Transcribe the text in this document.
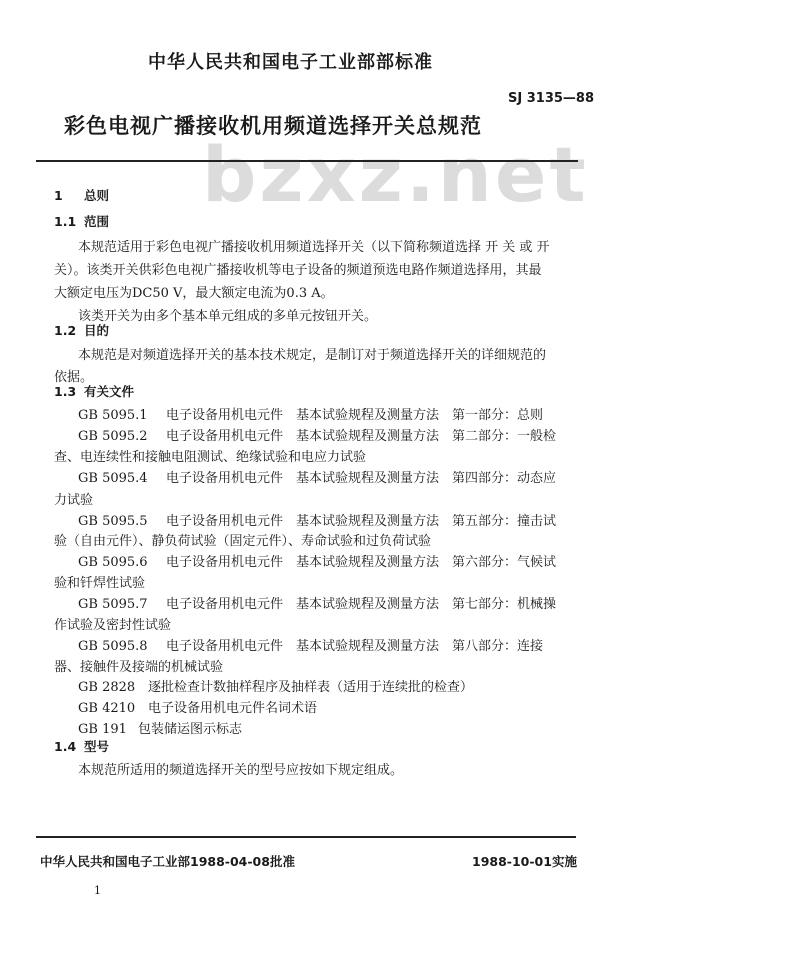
中华人民共和国电子工业部部标准
SJ 3135—88
彩色电视广播接收机用频道选择开关总规范
bzxz.net
1 总则
1.1 范围
本规范适用于彩色电视广播接收机用频道选择开关（以下简称频道选择 开 关 或 开
关）。该类开关供彩色电视广播接收机等电子设备的频道预选电路作频道选择用，其最
大额定电压为DC50 V，最大额定电流为0.3 A。
该类开关为由多个基本单元组成的多单元按钮开关。
1.2 目的
本规范是对频道选择开关的基本技术规定，是制订对于频道选择开关的详细规范的
依据。
1.3 有关文件
GB 5095.1 电子设备用机电元件　基本试验规程及测量方法　第一部分：总则
GB 5095.2 电子设备用机电元件　基本试验规程及测量方法　第二部分：一般检
查、电连续性和接触电阻测试、绝缘试验和电应力试验
GB 5095.4 电子设备用机电元件　基本试验规程及测量方法　第四部分：动态应
力试验
GB 5095.5 电子设备用机电元件　基本试验规程及测量方法　第五部分：撞击试
验（自由元件）、静负荷试验（固定元件）、寿命试验和过负荷试验
GB 5095.6 电子设备用机电元件　基本试验规程及测量方法　第六部分：气候试
验和钎焊性试验
GB 5095.7 电子设备用机电元件　基本试验规程及测量方法　第七部分：机械操
作试验及密封性试验
GB 5095.8 电子设备用机电元件　基本试验规程及测量方法　第八部分：连接
器、接触件及接端的机械试验
GB 2828 逐批检查计数抽样程序及抽样表（适用于连续批的检查）
GB 4210 电子设备用机电元件名词术语
GB 191 包装储运图示标志
1.4 型号
本规范所适用的频道选择开关的型号应按如下规定组成。
中华人民共和国电子工业部1988-04-08批准	1988-10-01实施
1
